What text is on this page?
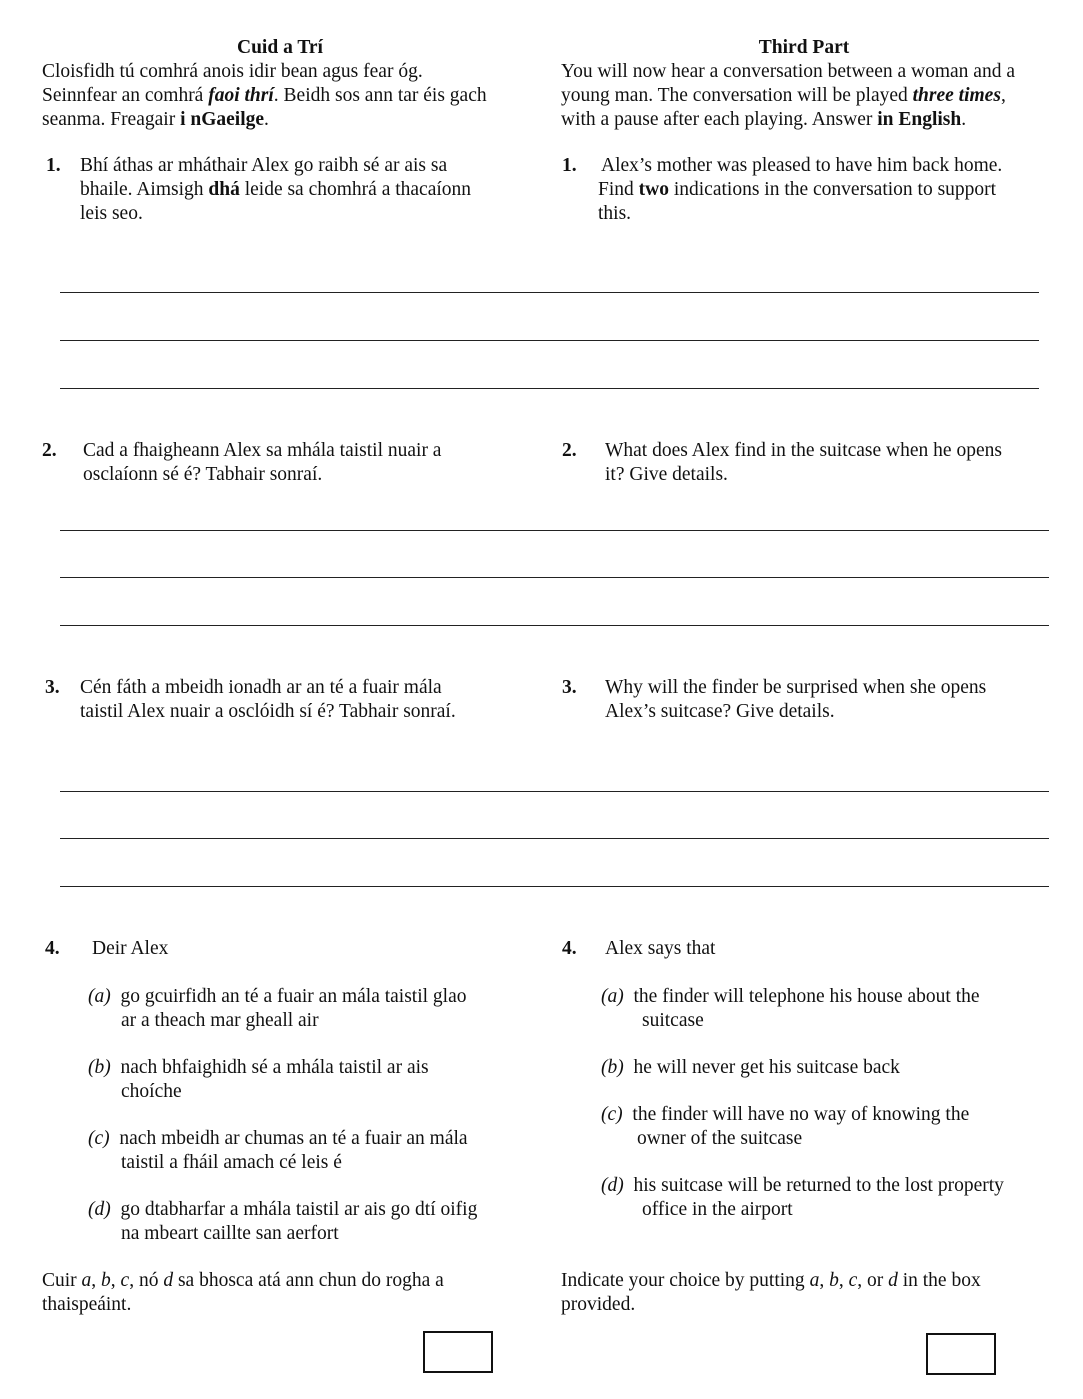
Cuid a Trí
Cloisfidh tú comhrá anois idir bean agus fear óg.
Seinnfear an comhrá faoi thrí. Beidh sos ann tar éis gach
seanma. Freagair i nGaeilge.
1. Bhí áthas ar mháthair Alex go raibh sé ar ais sa
bhaile. Aimsigh dhá leide sa chomhrá a thacaíonn
leis seo.
1. Alex’s mother was pleased to have him back home.
Find two indications in the conversation to support
this.
2. Cad a fhaigheann Alex sa mhála taistil nuair a
osclaíonn sé é? Tabhair sonraí.
2. What does Alex find in the suitcase when he opens
it? Give details.
3. Cén fáth a mbeidh ionadh ar an té a fuair mála
taistil Alex nuair a osclóidh sí é? Tabhair sonraí.
3. Why will the finder be surprised when she opens
Alex’s suitcase? Give details.
4. Deir Alex
(a) go gcuirfidh an té a fuair an mála taistil glao
ar a theach mar gheall air
(b) nach bhfaighidh sé a mhála taistil ar ais
choíche
(c) nach mbeidh ar chumas an té a fuair an mála
taistil a fháil amach cé leis é
(d) go dtabharfar a mhála taistil ar ais go dtí oifig
na mbeart caillte san aerfort
Cuir a, b, c, nó d sa bhosca atá ann chun do rogha a
thaispeáint.
Third Part
You will now hear a conversation between a woman and a
young man. The conversation will be played three times,
with a pause after each playing. Answer in English.
4. Alex says that
(a) the finder will telephone his house about the
suitcase
(b) he will never get his suitcase back
(c) the finder will have no way of knowing the
owner of the suitcase
(d) his suitcase will be returned to the lost property
office in the airport
Indicate your choice by putting a, b, c, or d in the box
provided.
